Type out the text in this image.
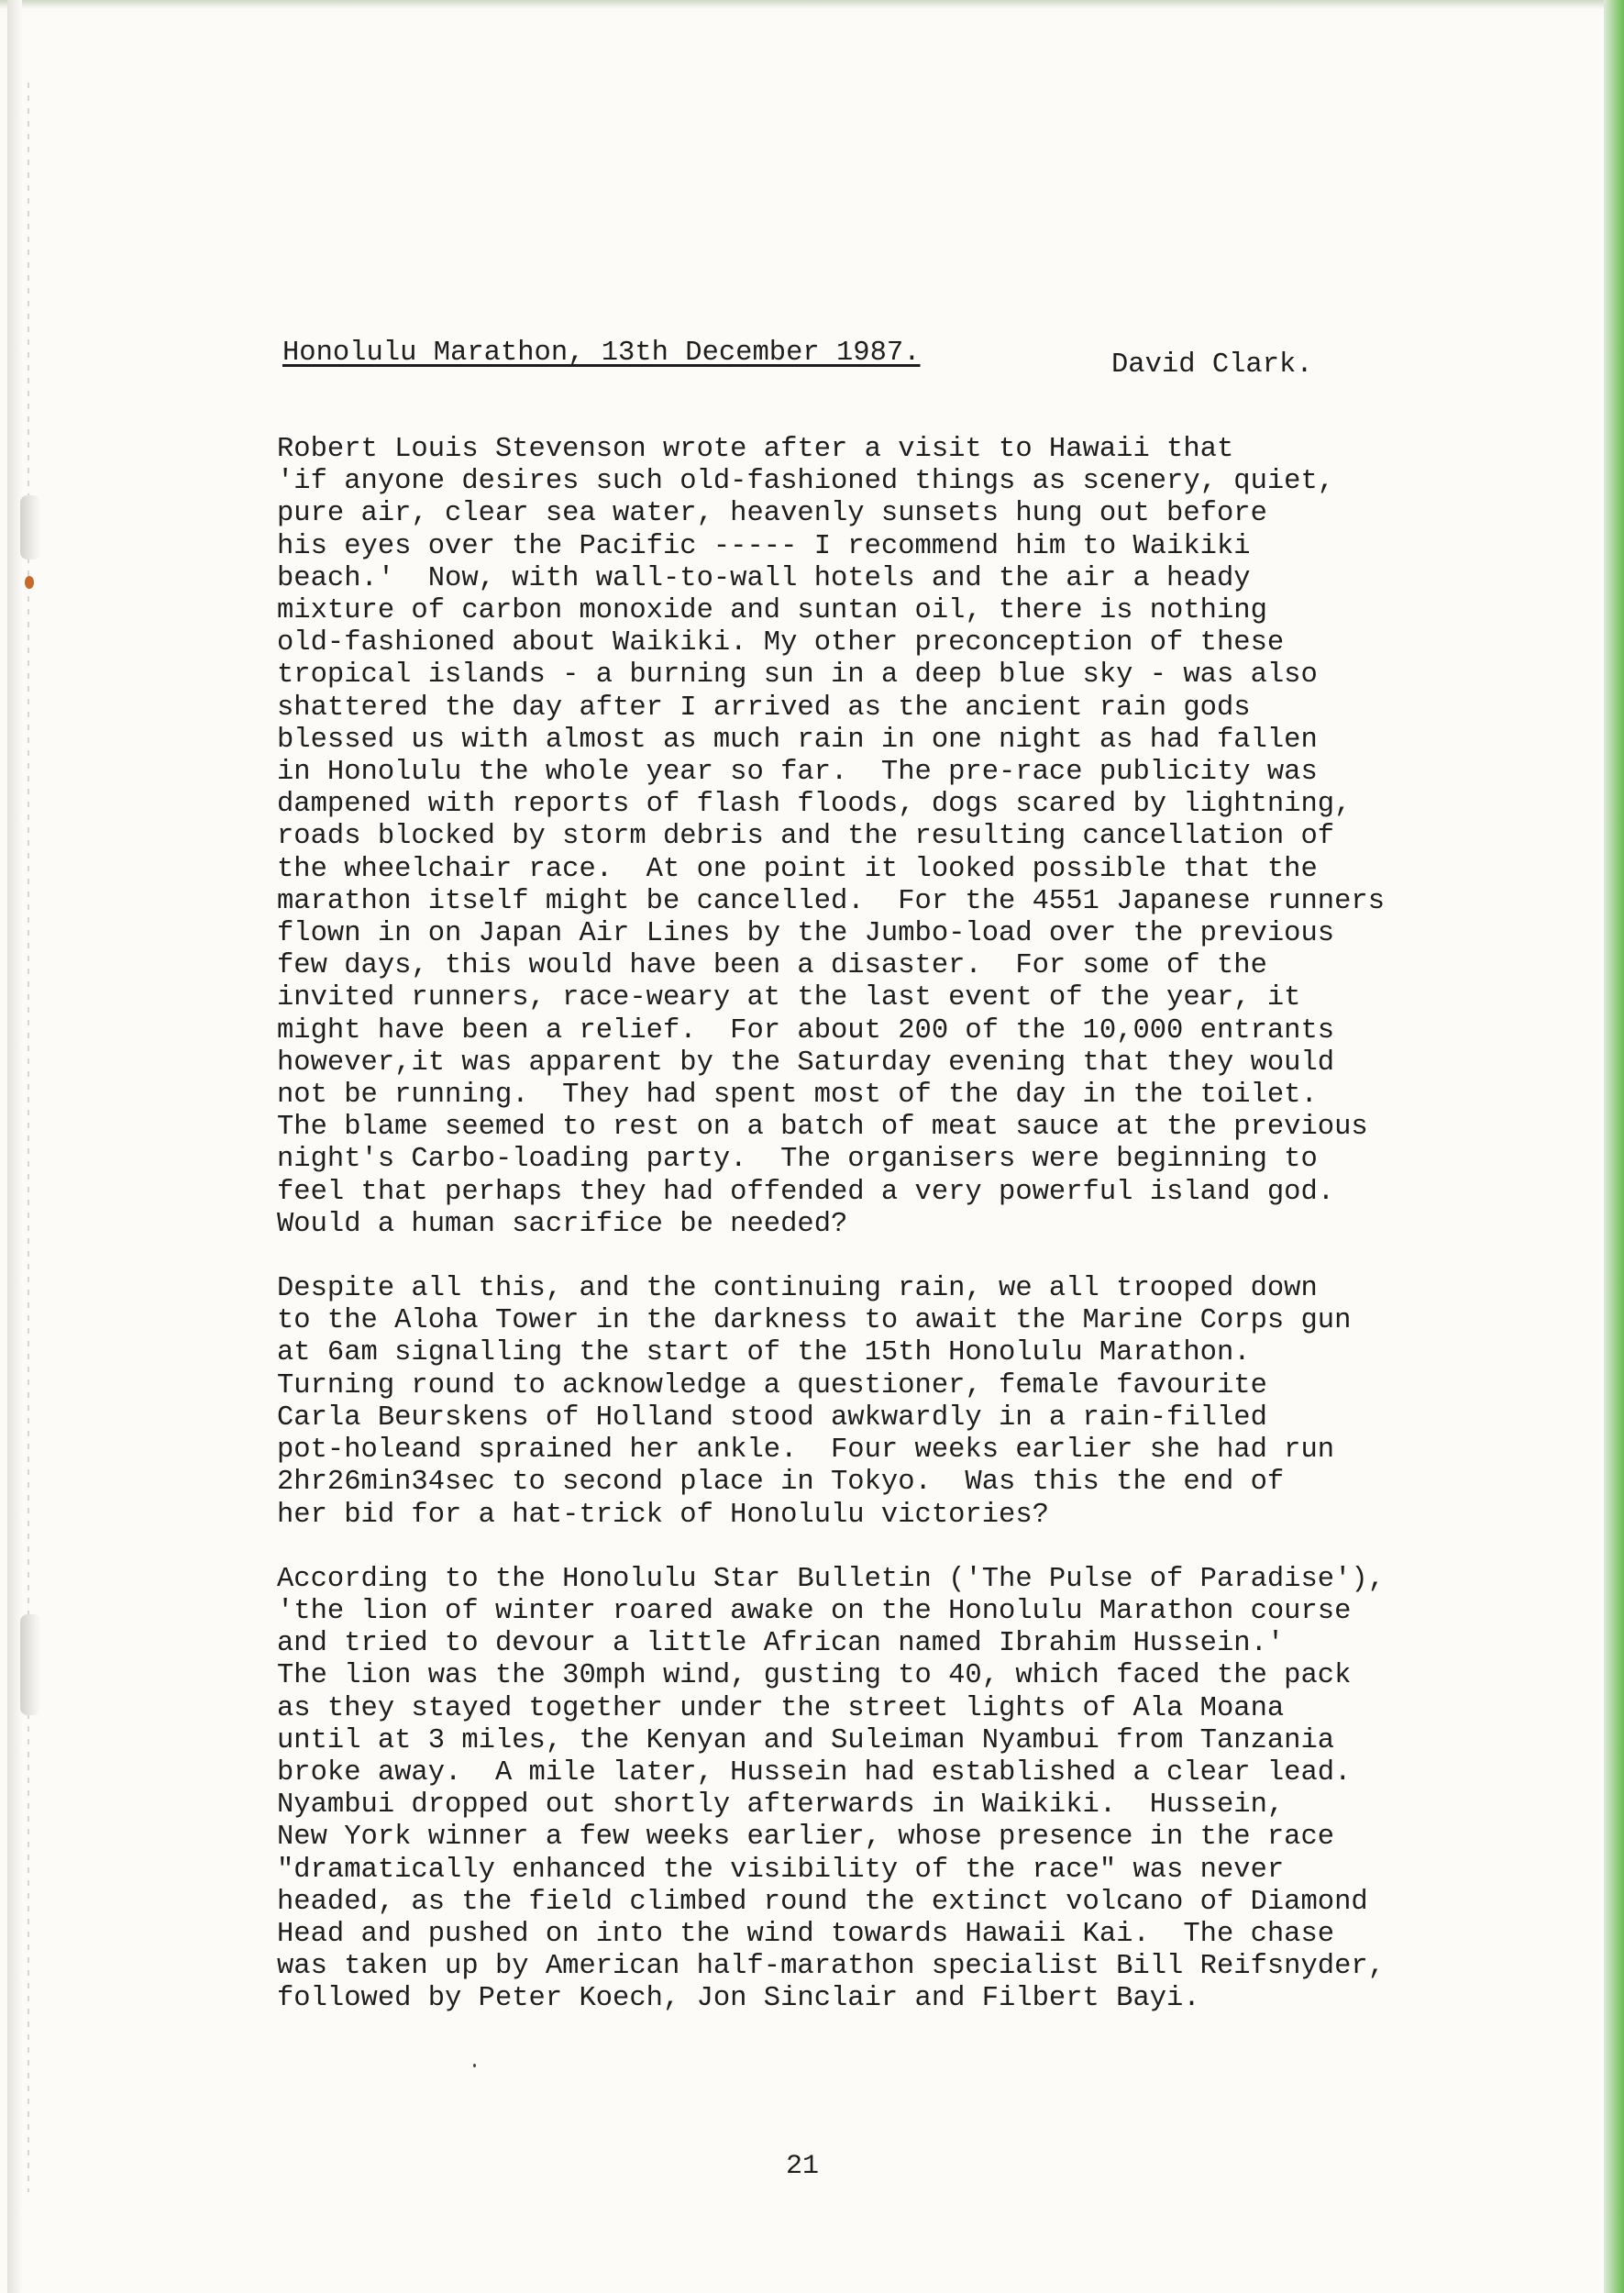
Honolulu Marathon, 13th December 1987.	David Clark.

Robert Louis Stevenson wrote after a visit to Hawaii that
'if anyone desires such old-fashioned things as scenery, quiet,
pure air, clear sea water, heavenly sunsets hung out before
his eyes over the Pacific ----- I recommend him to Waikiki
beach.'  Now, with wall-to-wall hotels and the air a heady
mixture of carbon monoxide and suntan oil, there is nothing
old-fashioned about Waikiki. My other preconception of these
tropical islands - a burning sun in a deep blue sky - was also
shattered the day after I arrived as the ancient rain gods
blessed us with almost as much rain in one night as had fallen
in Honolulu the whole year so far.  The pre-race publicity was
dampened with reports of flash floods, dogs scared by lightning,
roads blocked by storm debris and the resulting cancellation of
the wheelchair race.  At one point it looked possible that the
marathon itself might be cancelled.  For the 4551 Japanese runners
flown in on Japan Air Lines by the Jumbo-load over the previous
few days, this would have been a disaster.  For some of the
invited runners, race-weary at the last event of the year, it
might have been a relief.  For about 200 of the 10,000 entrants
however,it was apparent by the Saturday evening that they would
not be running.  They had spent most of the day in the toilet.
The blame seemed to rest on a batch of meat sauce at the previous
night's Carbo-loading party.  The organisers were beginning to
feel that perhaps they had offended a very powerful island god.
Would a human sacrifice be needed?

Despite all this, and the continuing rain, we all trooped down
to the Aloha Tower in the darkness to await the Marine Corps gun
at 6am signalling the start of the 15th Honolulu Marathon.
Turning round to acknowledge a questioner, female favourite
Carla Beurskens of Holland stood awkwardly in a rain-filled
pot-holeand sprained her ankle.  Four weeks earlier she had run
2hr26min34sec to second place in Tokyo.  Was this the end of
her bid for a hat-trick of Honolulu victories?

According to the Honolulu Star Bulletin ('The Pulse of Paradise'),
'the lion of winter roared awake on the Honolulu Marathon course
and tried to devour a little African named Ibrahim Hussein.'
The lion was the 30mph wind, gusting to 40, which faced the pack
as they stayed together under the street lights of Ala Moana
until at 3 miles, the Kenyan and Suleiman Nyambui from Tanzania
broke away.  A mile later, Hussein had established a clear lead.
Nyambui dropped out shortly afterwards in Waikiki.  Hussein,
New York winner a few weeks earlier, whose presence in the race
"dramatically enhanced the visibility of the race" was never
headed, as the field climbed round the extinct volcano of Diamond
Head and pushed on into the wind towards Hawaii Kai.  The chase
was taken up by American half-marathon specialist Bill Reifsnyder,
followed by Peter Koech, Jon Sinclair and Filbert Bayi.

21
